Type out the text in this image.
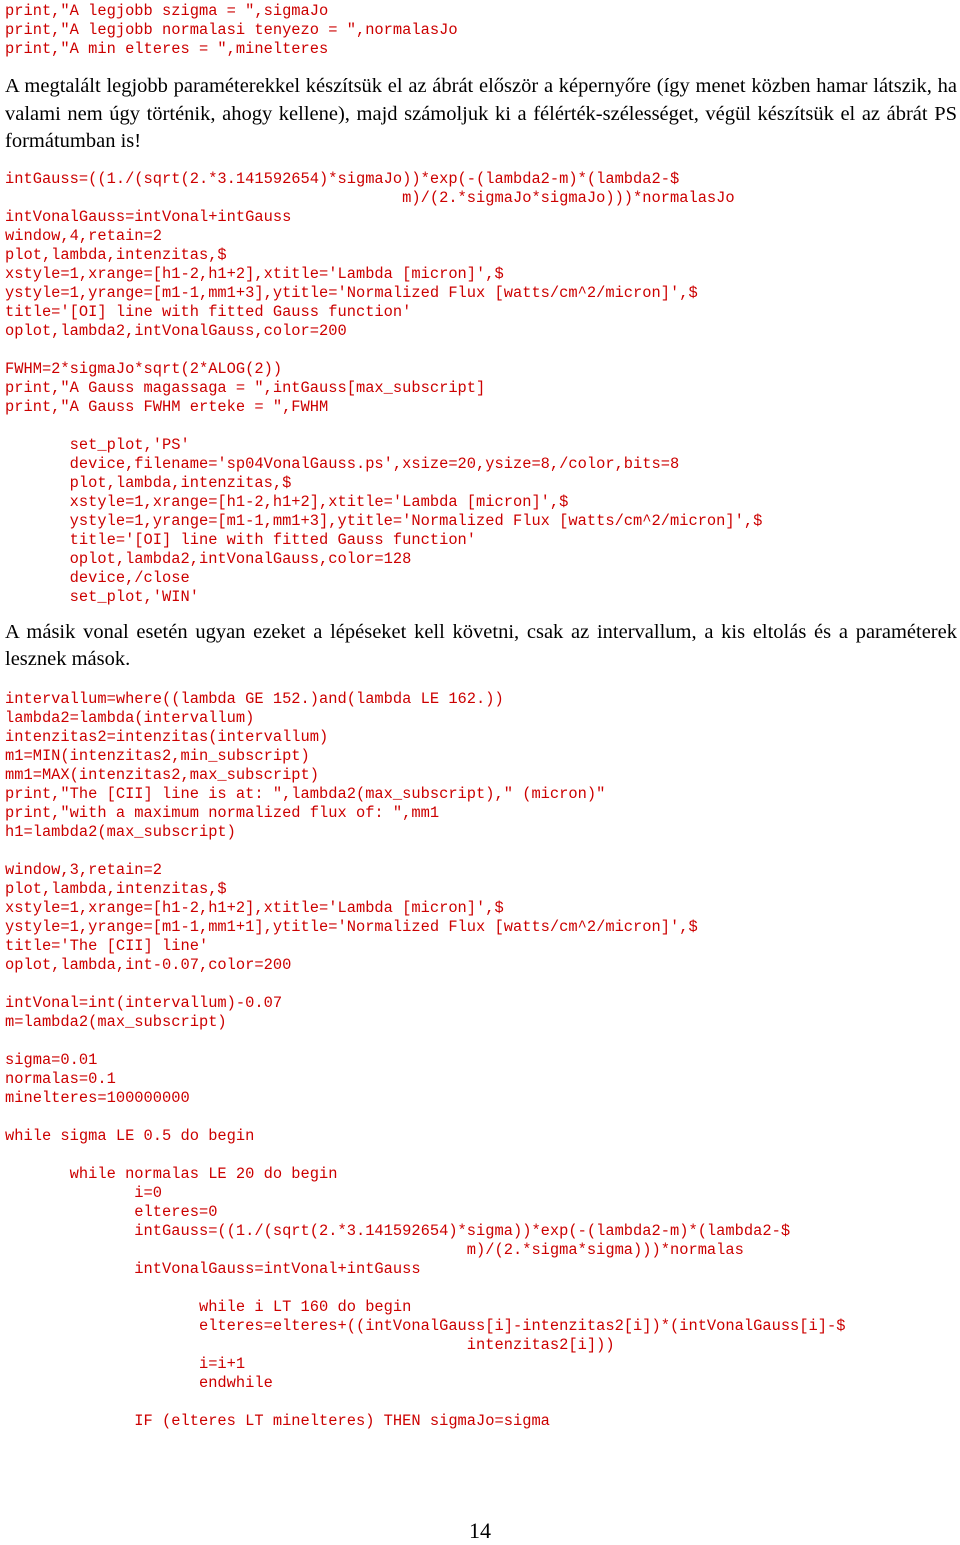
print,"A legjobb szigma = ",sigmaJo
print,"A legjobb normalasi tenyezo = ",normalasJo
print,"A min elteres = ",minelteres

A megtalált legjobb paraméterekkel készítsük el az ábrát először a képernyőre (így menet közben hamar látszik, ha valami nem úgy történik, ahogy kellene), majd számoljuk ki a félérték-szélességet, végül készítsük el az ábrát PS formátumban is!

intGauss=((1./(sqrt(2.*3.141592654)*sigmaJo))*exp(-(lambda2-m)*(lambda2-$
m)/(2.*sigmaJo*sigmaJo)))*normalasJo
intVonalGauss=intVonal+intGauss
window,4,retain=2
plot,lambda,intenzitas,$
xstyle=1,xrange=[h1-2,h1+2],xtitle='Lambda [micron]',$
ystyle=1,yrange=[m1-1,mm1+3],ytitle='Normalized Flux [watts/cm^2/micron]',$
title='[OI] line with fitted Gauss function'
oplot,lambda2,intVonalGauss,color=200

FWHM=2*sigmaJo*sqrt(2*ALOG(2))
print,"A Gauss magassaga = ",intGauss[max_subscript]
print,"A Gauss FWHM erteke = ",FWHM

set_plot,'PS'
device,filename='sp04VonalGauss.ps',xsize=20,ysize=8,/color,bits=8
plot,lambda,intenzitas,$
xstyle=1,xrange=[h1-2,h1+2],xtitle='Lambda [micron]',$
ystyle=1,yrange=[m1-1,mm1+3],ytitle='Normalized Flux [watts/cm^2/micron]',$
title='[OI] line with fitted Gauss function'
oplot,lambda2,intVonalGauss,color=128
device,/close
set_plot,'WIN'

A másik vonal esetén ugyan ezeket a lépéseket kell követni, csak az intervallum, a kis eltolás és a paraméterek lesznek mások.

intervallum=where((lambda GE 152.)and(lambda LE 162.))
lambda2=lambda(intervallum)
intenzitas2=intenzitas(intervallum)
m1=MIN(intenzitas2,min_subscript)
mm1=MAX(intenzitas2,max_subscript)
print,"The [CII] line is at: ",lambda2(max_subscript)," (micron)"
print,"with a maximum normalized flux of: ",mm1
h1=lambda2(max_subscript)

window,3,retain=2
plot,lambda,intenzitas,$
xstyle=1,xrange=[h1-2,h1+2],xtitle='Lambda [micron]',$
ystyle=1,yrange=[m1-1,mm1+1],ytitle='Normalized Flux [watts/cm^2/micron]',$
title='The [CII] line'
oplot,lambda,int-0.07,color=200

intVonal=int(intervallum)-0.07
m=lambda2(max_subscript)

sigma=0.01
normalas=0.1
minelteres=100000000

while sigma LE 0.5 do begin

while normalas LE 20 do begin
i=0
elteres=0
intGauss=((1./(sqrt(2.*3.141592654)*sigma))*exp(-(lambda2-m)*(lambda2-$
m)/(2.*sigma*sigma)))*normalas
intVonalGauss=intVonal+intGauss

while i LT 160 do begin
elteres=elteres+((intVonalGauss[i]-intenzitas2[i])*(intVonalGauss[i]-$
intenzitas2[i]))
i=i+1
endwhile

IF (elteres LT minelteres) THEN sigmaJo=sigma
14
